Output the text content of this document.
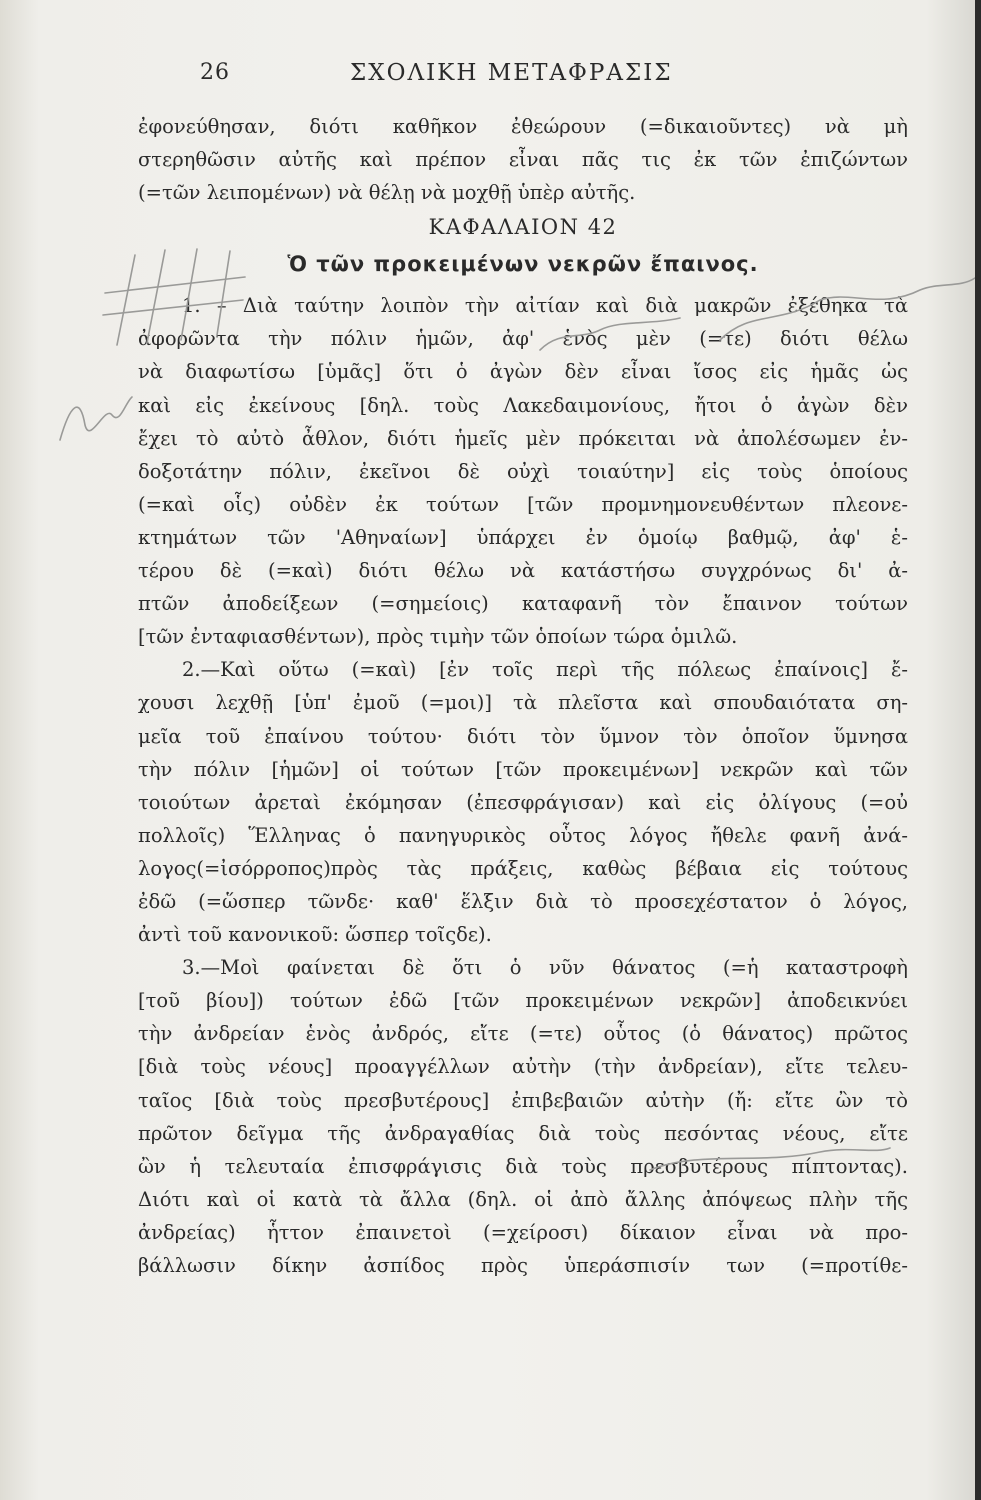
26	ΣΧΟΛΙΚΗ ΜΕΤΑΦΡΑΣΙΣ

ἐφονεύθησαν, διότι καθῆκον ἐθεώρουν (=δικαιοῦντες) νὰ μὴ
στερηθῶσιν αὐτῆς καὶ πρέπον εἶναι πᾶς τις ἐκ τῶν ἐπιζώντων
(=τῶν λειπομένων) νὰ θέλῃ νὰ μοχθῇ ὑπὲρ αὐτῆς.

ΚΑΦΑΛΑΙΟΝ 42
Ὁ τῶν προκειμένων νεκρῶν ἔπαινος.

1. – Διὰ ταύτην λοιπὸν τὴν αἰτίαν καὶ διὰ μακρῶν ἐξέθηκα τὰ

ἀφορῶντα τὴν πόλιν ἡμῶν, ἀφ' ἑνὸς μὲν (=τε) διότι θέλω
νὰ διαφωτίσω [ὑμᾶς] ὅτι ὁ ἀγὼν δὲν εἶναι ἴσος εἰς ἡμᾶς ὡς
καὶ εἰς ἐκείνους [δηλ. τοὺς Λακεδαιμονίους, ἤτοι ὁ ἀγὼν δὲν
ἔχει τὸ αὐτὸ ἆθλον, διότι ἡμεῖς μὲν πρόκειται νὰ ἀπολέσωμεν ἐν-
δοξοτάτην πόλιν, ἐκεῖνοι δὲ οὐχὶ τοιαύτην] εἰς τοὺς ὁποίους
(=καὶ οἷς) οὐδὲν ἐκ τούτων [τῶν προμνημονευθέντων πλεονε-
κτημάτων τῶν 'Αθηναίων] ὑπάρχει ἐν ὁμοίῳ βαθμῷ, ἀφ' ἑ-
τέρου δὲ (=καὶ) διότι θέλω νὰ κατάστήσω συγχρόνως δι' ἀ-
πτῶν ἀποδείξεων (=σημείοις) καταφανῆ τὸν ἔπαινον τούτων
[τῶν ἐνταφιασθέντων), πρὸς τιμὴν τῶν ὁποίων τώρα ὁμιλῶ.

2.—Καὶ οὕτω (=καὶ) [ἐν τοῖς περὶ τῆς πόλεως ἐπαίνοις] ἔ-

χουσι λεχθῇ [ὑπ' ἐμοῦ (=μοι)] τὰ πλεῖστα καὶ σπουδαιότατα ση-
μεῖα τοῦ ἐπαίνου τούτου· διότι τὸν ὕμνον τὸν ὁποῖον ὕμνησα
τὴν πόλιν [ἡμῶν] οἱ τούτων [τῶν προκειμένων] νεκρῶν καὶ τῶν
τοιούτων ἀρεταὶ ἐκόμησαν (ἐπεσφράγισαν) καὶ εἰς ὀλίγους (=οὐ
πολλοῖς) Ἕλληνας ὁ πανηγυρικὸς οὗτος λόγος ἤθελε φανῆ ἀνά-
λογος(=ἰσόρροπος)πρὸς τὰς πράξεις, καθὼς βέβαια εἰς τούτους
ἐδῶ (=ὥσπερ τῶνδε· καθ' ἕλξιν διὰ τὸ προσεχέστατον ὁ λόγος,
ἀντὶ τοῦ κανονικοῦ: ὥσπερ τοῖςδε).

3.—Μοὶ φαίνεται δὲ ὅτι ὁ νῦν θάνατος (=ἡ καταστροφὴ

[τοῦ βίου]) τούτων ἐδῶ [τῶν προκειμένων νεκρῶν] ἀποδεικνύει
τὴν ἀνδρείαν ἑνὸς ἀνδρός, εἴτε (=τε) οὗτος (ὁ θάνατος) πρῶτος
[διὰ τοὺς νέους] προαγγέλλων αὐτὴν (τὴν ἀνδρείαν), εἴτε τελευ-
ταῖος [διὰ τοὺς πρεσβυτέρους] ἐπιβεβαιῶν αὐτὴν (ἤ: εἴτε ὢν τὸ
πρῶτον δεῖγμα τῆς ἀνδραγαθίας διὰ τοὺς πεσόντας νέους, εἴτε
ὢν ἡ τελευταία ἐπισφράγισις διὰ τοὺς πρεσβυτέρους πίπτοντας).
Διότι καὶ οἱ κατὰ τὰ ἄλλα (δηλ. οἱ ἀπὸ ἄλλης ἀπόψεως πλὴν τῆς
ἀνδρείας) ἧττον ἐπαινετοὶ (=χείροσι) δίκαιον εἶναι νὰ προ-
βάλλωσιν δίκην ἀσπίδος πρὸς ὑπεράσπισίν των (=προτίθε-
